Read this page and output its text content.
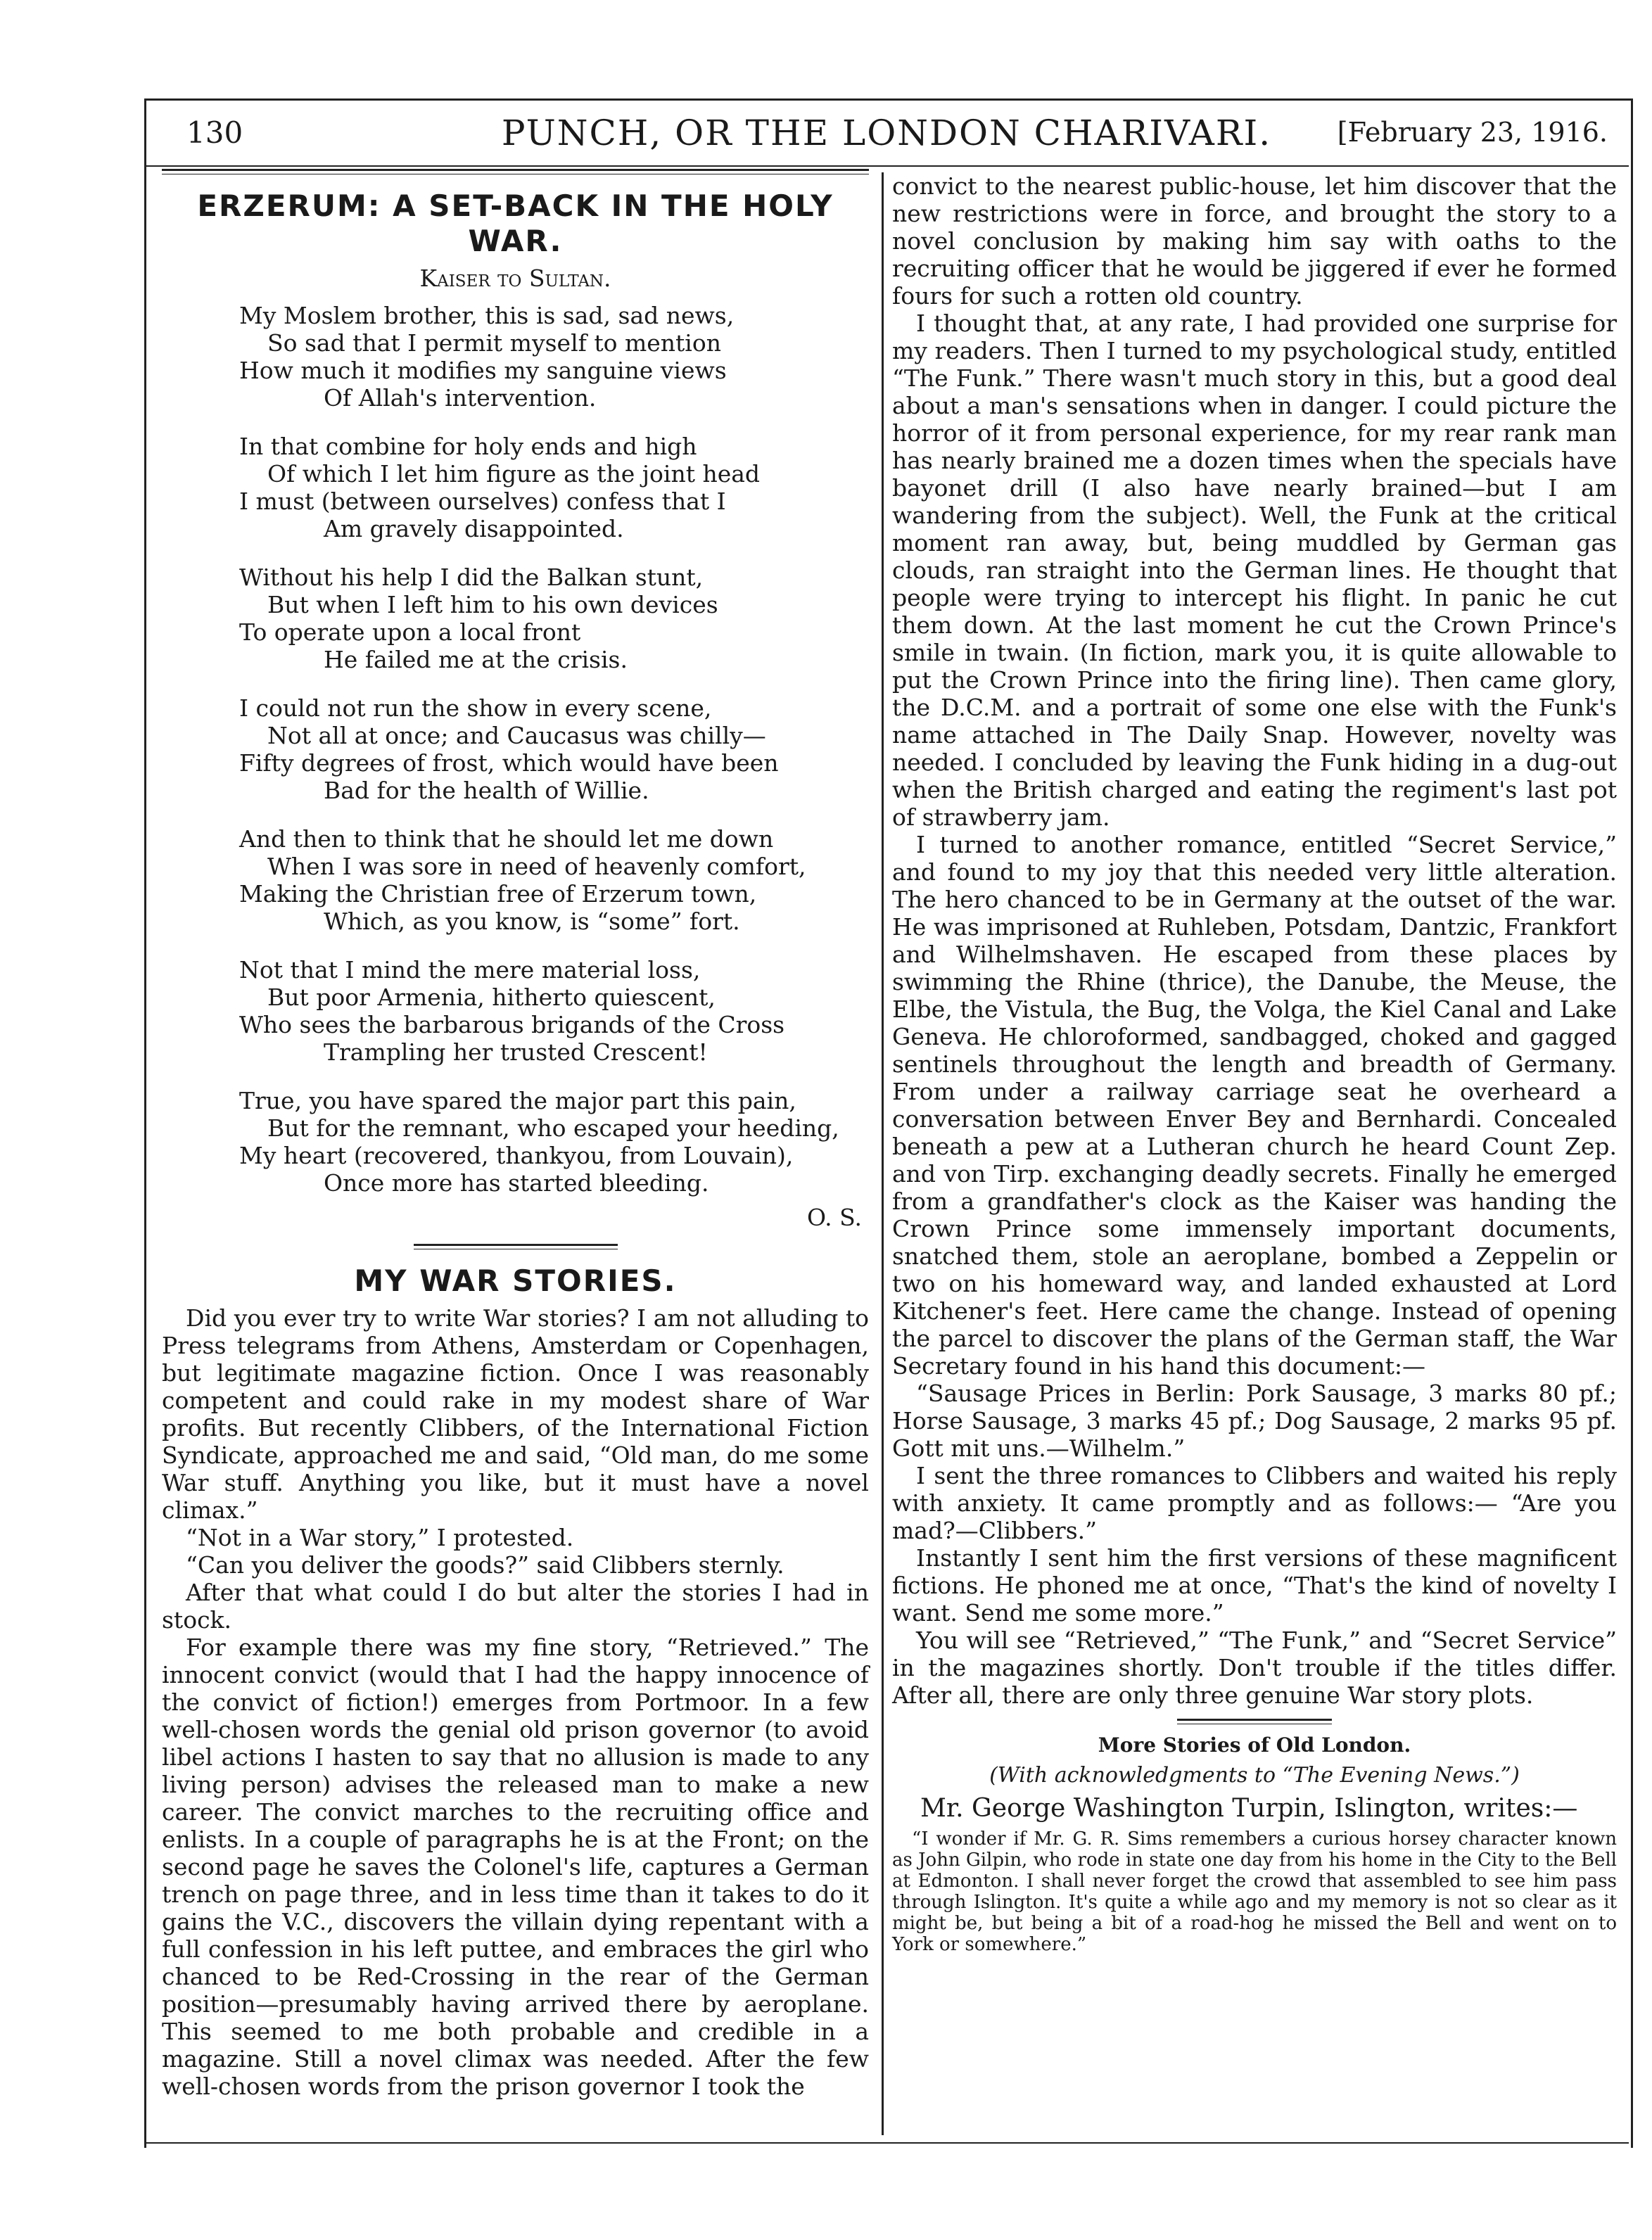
130	PUNCH, OR THE LONDON CHARIVARI.	[February 23, 1916.
ERZERUM: A SET-BACK IN THE HOLY WAR.
Kaiser to Sultan.
My Moslem brother, this is sad, sad news,
So sad that I permit myself to mention
How much it modifies my sanguine views
Of Allah's intervention.
In that combine for holy ends and high
Of which I let him figure as the joint head
I must (between ourselves) confess that I
Am gravely disappointed.
Without his help I did the Balkan stunt,
But when I left him to his own devices
To operate upon a local front
He failed me at the crisis.
I could not run the show in every scene,
Not all at once; and Caucasus was chilly—
Fifty degrees of frost, which would have been
Bad for the health of Willie.
And then to think that he should let me down
When I was sore in need of heavenly comfort,
Making the Christian free of Erzerum town,
Which, as you know, is “some” fort.
Not that I mind the mere material loss,
But poor Armenia, hitherto quiescent,
Who sees the barbarous brigands of the Cross
Trampling her trusted Crescent!
True, you have spared the major part this pain,
But for the remnant, who escaped your heeding,
My heart (recovered, thankyou, from Louvain),
Once more has started bleeding.
O. S.
MY WAR STORIES.

Did you ever try to write War stories? I am not alluding to Press telegrams from Athens, Amsterdam or Copenhagen, but legitimate magazine fiction. Once I was reasonably competent and could rake in my modest share of War profits. But recently Clibbers, of the International Fiction Syndicate, approached me and said, “Old man, do me some War stuff. Anything you like, but it must have a novel climax.”

“Not in a War story,” I protested.

“Can you deliver the goods?” said Clibbers sternly.

After that what could I do but alter the stories I had in stock.

For example there was my fine story, “Retrieved.” The innocent convict (would that I had the happy innocence of the convict of fiction!) emerges from Portmoor. In a few well-chosen words the genial old prison governor (to avoid libel actions I hasten to say that no allusion is made to any living person) advises the released man to make a new career. The convict marches to the recruiting office and enlists. In a couple of paragraphs he is at the Front; on the second page he saves the Colonel's life, captures a German trench on page three, and in less time than it takes to do it gains the V.C., discovers the villain dying repentant with a full confession in his left puttee, and embraces the girl who chanced to be Red-Crossing in the rear of the German position—presumably having arrived there by aeroplane. This seemed to me both probable and credible in a magazine. Still a novel climax was needed. After the few well-chosen words from the prison governor I took the

convict to the nearest public-house, let him discover that the new restrictions were in force, and brought the story to a novel conclusion by making him say with oaths to the recruiting officer that he would be jiggered if ever he formed fours for such a rotten old country.

I thought that, at any rate, I had provided one surprise for my readers. Then I turned to my psychological study, entitled “The Funk.” There wasn't much story in this, but a good deal about a man's sensations when in danger. I could picture the horror of it from personal experience, for my rear rank man has nearly brained me a dozen times when the specials have bayonet drill (I also have nearly brained—but I am wandering from the subject). Well, the Funk at the critical moment ran away, but, being muddled by German gas clouds, ran straight into the German lines. He thought that people were trying to intercept his flight. In panic he cut them down. At the last moment he cut the Crown Prince's smile in twain. (In fiction, mark you, it is quite allowable to put the Crown Prince into the firing line). Then came glory, the D.C.M. and a portrait of some one else with the Funk's name attached in The Daily Snap. However, novelty was needed. I concluded by leaving the Funk hiding in a dug-out when the British charged and eating the regiment's last pot of strawberry jam.

I turned to another romance, entitled “Secret Service,” and found to my joy that this needed very little alteration. The hero chanced to be in Germany at the outset of the war. He was imprisoned at Ruhleben, Potsdam, Dantzic, Frankfort and Wilhelmshaven. He escaped from these places by swimming the Rhine (thrice), the Danube, the Meuse, the Elbe, the Vistula, the Bug, the Volga, the Kiel Canal and Lake Geneva. He chloroformed, sandbagged, choked and gagged sentinels throughout the length and breadth of Germany. From under a railway carriage seat he overheard a conversation between Enver Bey and Bernhardi. Concealed beneath a pew at a Lutheran church he heard Count Zep. and von Tirp. exchanging deadly secrets. Finally he emerged from a grandfather's clock as the Kaiser was handing the Crown Prince some immensely important documents, snatched them, stole an aeroplane, bombed a Zeppelin or two on his homeward way, and landed exhausted at Lord Kitchener's feet. Here came the change. Instead of opening the parcel to discover the plans of the German staff, the War Secretary found in his hand this document:—

“Sausage Prices in Berlin: Pork Sausage, 3 marks 80 pf.; Horse Sausage, 3 marks 45 pf.; Dog Sausage, 2 marks 95 pf. Gott mit uns.—Wilhelm.”

I sent the three romances to Clibbers and waited his reply with anxiety. It came promptly and as follows:— “Are you mad?—Clibbers.”

Instantly I sent him the first versions of these magnificent fictions. He phoned me at once, “That's the kind of novelty I want. Send me some more.”

You will see “Retrieved,” “The Funk,” and “Secret Service” in the magazines shortly. Don't trouble if the titles differ. After all, there are only three genuine War story plots.

More Stories of Old London.
(With acknowledgments to “The Evening News.”)
Mr. George Washington Turpin, Islington, writes:—

“I wonder if Mr. G. R. Sims remembers a curious horsey character known as John Gilpin, who rode in state one day from his home in the City to the Bell at Edmonton. I shall never forget the crowd that assembled to see him pass through Islington. It's quite a while ago and my memory is not so clear as it might be, but being a bit of a road-hog he missed the Bell and went on to York or somewhere.”
